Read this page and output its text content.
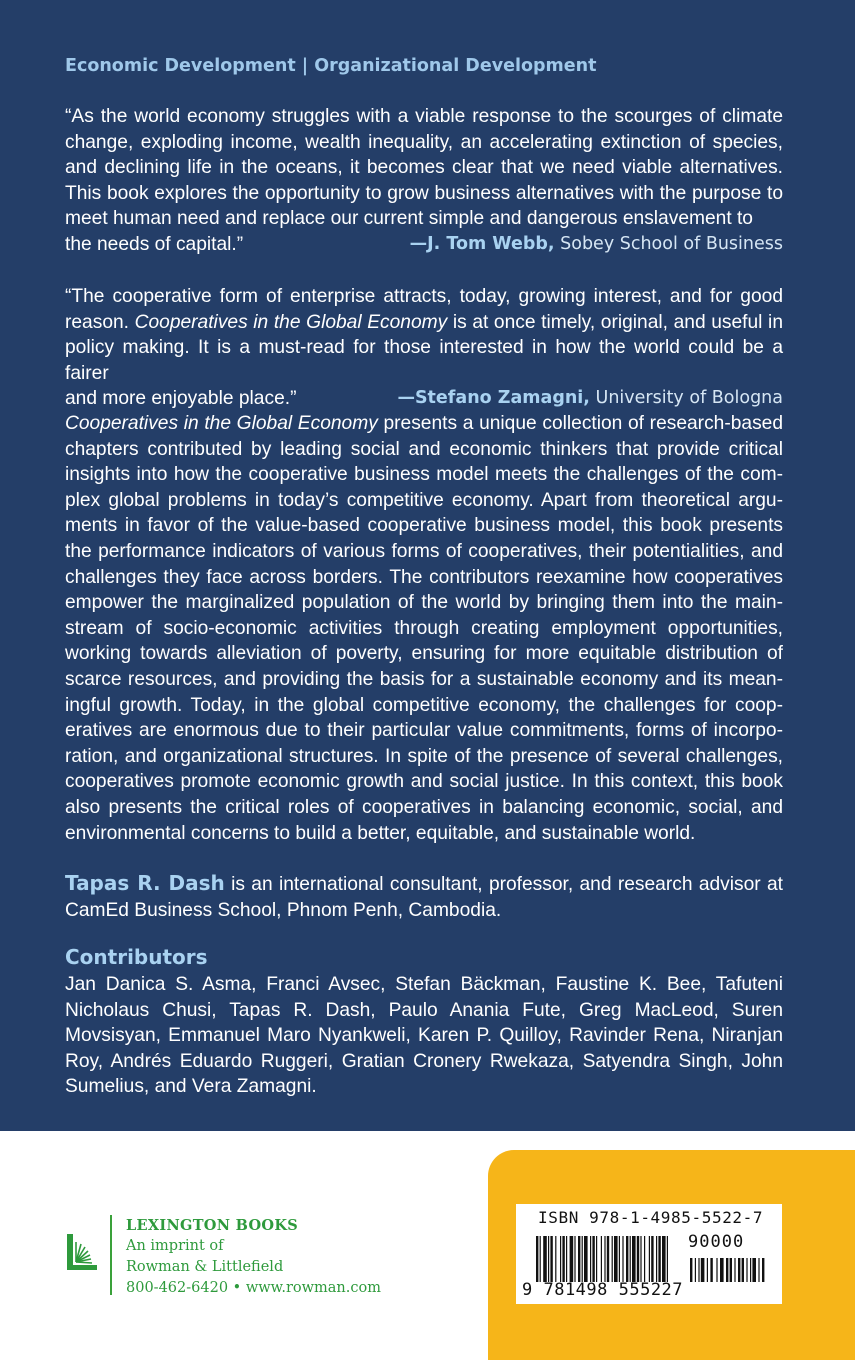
Economic Development | Organizational Development
“As the world economy struggles with a viable response to the scourges of climate change, exploding income, wealth inequality, an accelerating extinction of species, and declining life in the oceans, it becomes clear that we need viable alternatives. This book explores the opportunity to grow business alternatives with the purpose to meet human need and replace our current simple and dangerous enslavement to
the needs of capital.”	—J. Tom Webb, Sobey School of Business
“The cooperative form of enterprise attracts, today, growing interest, and for good reason. Cooperatives in the Global Economy is at once timely, original, and useful in policy making. It is a must-read for those interested in how the world could be a fairer
and more enjoyable place.”	—Stefano Zamagni, University of Bologna
Cooperatives in the Global Economy presents a unique collection of research-based chapters contributed by leading social and economic thinkers that provide critical insights into how the cooperative business model meets the challenges of the complex global problems in today’s competitive economy. Apart from theoretical arguments in favor of the value-based cooperative business model, this book presents the performance indicators of various forms of cooperatives, their potentialities, and challenges they face across borders. The contributors reexamine how cooperatives empower the marginalized population of the world by bringing them into the mainstream of socio-economic activities through creating employment opportunities, working towards alleviation of poverty, ensuring for more equitable distribution of scarce resources, and providing the basis for a sustainable economy and its meaningful growth. Today, in the global competitive economy, the challenges for cooperatives are enormous due to their particular value commitments, forms of incorporation, and organizational structures. In spite of the presence of several challenges, cooperatives promote economic growth and social justice. In this context, this book also presents the critical roles of cooperatives in balancing economic, social, and environmental concerns to build a better, equitable, and sustainable world.
Tapas R. Dash is an international consultant, professor, and research advisor at CamEd Business School, Phnom Penh, Cambodia.
Contributors
Jan Danica S. Asma, Franci Avsec, Stefan Bäckman, Faustine K. Bee, Tafuteni Nicholaus Chusi, Tapas R. Dash, Paulo Anania Fute, Greg MacLeod, Suren Movsisyan, Emmanuel Maro Nyankweli, Karen P. Quilloy, Ravinder Rena, Niranjan Roy, Andrés Eduardo Ruggeri, Gratian Cronery Rwekaza, Satyendra Singh, John Sumelius, and Vera Zamagni.
LEXINGTON BOOKS
An imprint of
Rowman & Littlefield
800-462-6420 • www.rowman.com
ISBN 978-1-4985-5522-7
90000
9 781498 555227
